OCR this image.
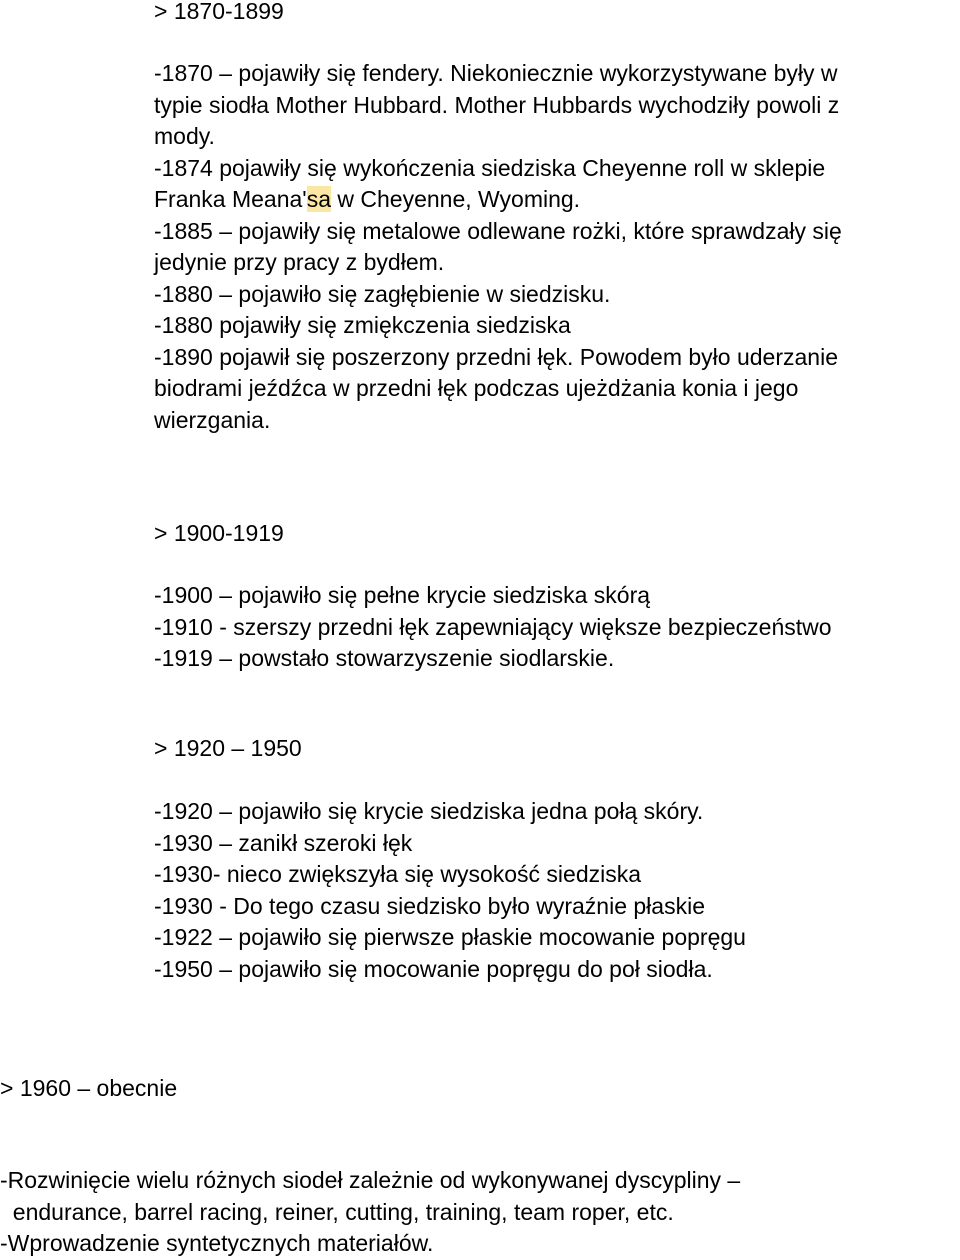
> 1870-1899
-1870 – pojawiły się fendery. Niekoniecznie wykorzystywane były w
typie siodła Mother Hubbard. Mother Hubbards wychodziły powoli z
mody.
-1874 pojawiły się wykończenia siedziska Cheyenne roll w sklepie
Franka Meana'sa w Cheyenne, Wyoming.
-1885 – pojawiły się metalowe odlewane rożki, które sprawdzały się
jedynie przy pracy z bydłem.
-1880 – pojawiło się zagłębienie w siedzisku.
-1880 pojawiły się zmiękczenia siedziska
-1890 pojawił się poszerzony przedni łęk. Powodem było uderzanie
biodrami jeźdźca w przedni łęk podczas ujeżdżania konia i jego
wierzgania.
> 1900-1919
-1900 – pojawiło się pełne krycie siedziska skórą
-1910 - szerszy przedni łęk zapewniający większe bezpieczeństwo
-1919 – powstało stowarzyszenie siodlarskie.
> 1920 – 1950
-1920 – pojawiło się krycie siedziska jedna połą skóry.
-1930 – zanikł szeroki łęk
-1930- nieco zwiększyła się wysokość siedziska
-1930 - Do tego czasu siedzisko było wyraźnie płaskie
-1922 – pojawiło się pierwsze płaskie mocowanie popręgu
-1950 – pojawiło się mocowanie popręgu do poł siodła.
> 1960 – obecnie
-Rozwinięcie wielu różnych siodeł zależnie od wykonywanej dyscypliny –
endurance, barrel racing, reiner, cutting, training, team roper, etc.
-Wprowadzenie syntetycznych materiałów.
